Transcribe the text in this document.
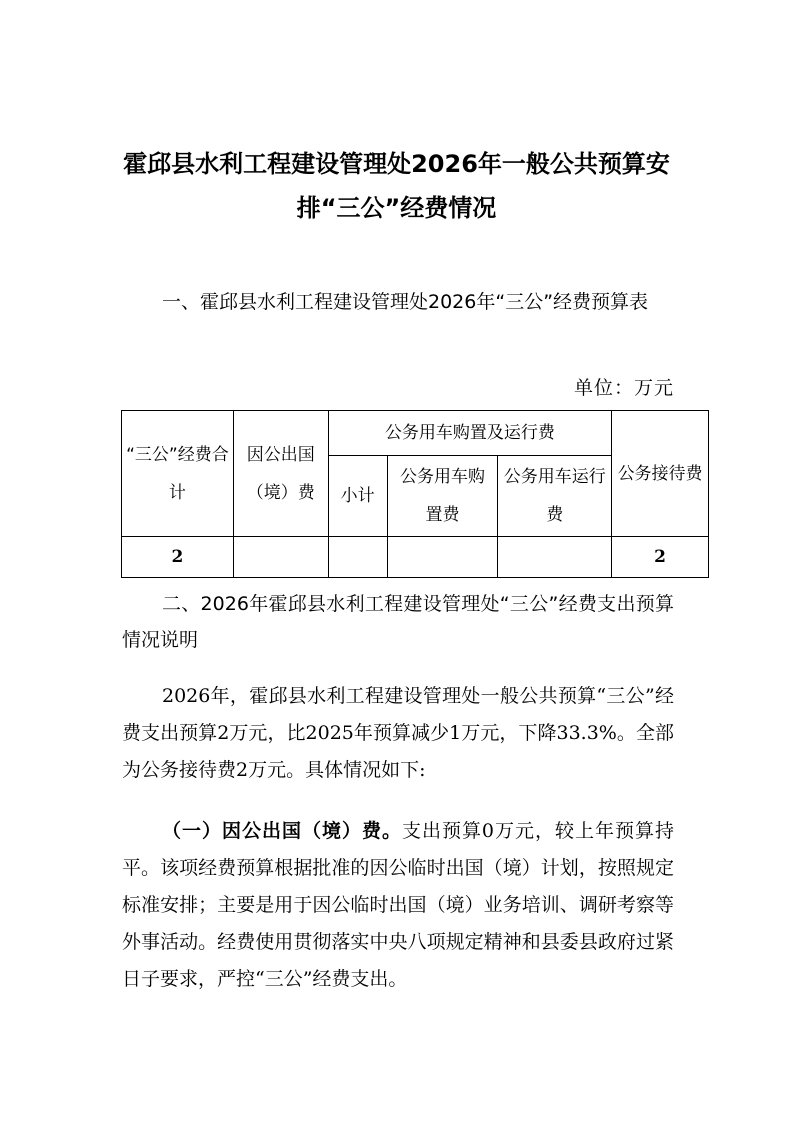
霍邱县水利工程建设管理处2026年一般公共预算安排“三公”经费情况
一、霍邱县水利工程建设管理处2026年“三公”经费预算表
单位：万元
“三公”经费合计	因公出国（境）费	公务用车购置及运行费			公务接待费
		小计	公务用车购置费	公务用车运行费	
2					2
二、2026年霍邱县水利工程建设管理处“三公”经费支出预算情况说明
2026年，霍邱县水利工程建设管理处一般公共预算“三公”经费支出预算2万元，比2025年预算减少1万元，下降33.3%。全部为公务接待费2万元。具体情况如下:
（一）因公出国（境）费。支出预算0万元，较上年预算持平。该项经费预算根据批准的因公临时出国（境）计划，按照规定标准安排；主要是用于因公临时出国（境）业务培训、调研考察等外事活动。经费使用贯彻落实中央八项规定精神和县委县政府过紧日子要求，严控“三公”经费支出。
